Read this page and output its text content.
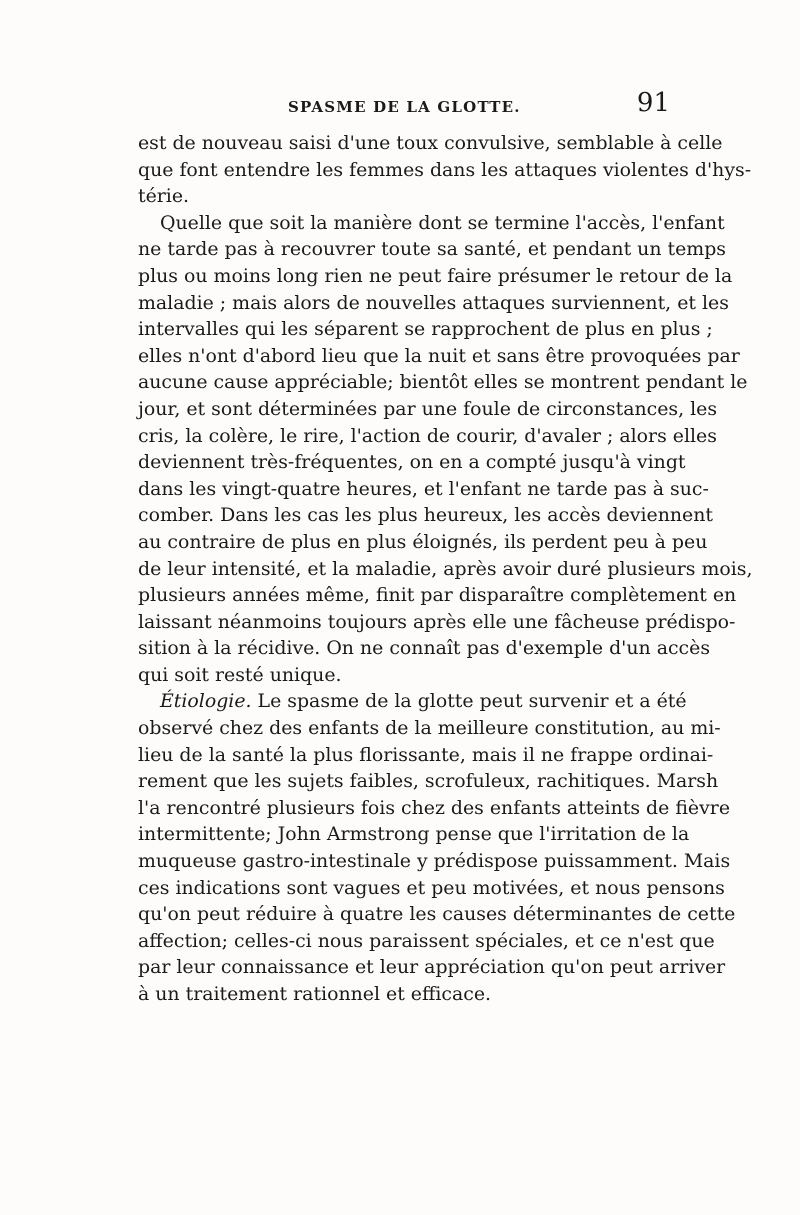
SPASME DE LA GLOTTE.	91

est de nouveau saisi d'une toux convulsive, semblable à celle
que font entendre les femmes dans les attaques violentes d'hys-
térie.

Quelle que soit la manière dont se termine l'accès, l'enfant
ne tarde pas à recouvrer toute sa santé, et pendant un temps
plus ou moins long rien ne peut faire présumer le retour de la
maladie ; mais alors de nouvelles attaques surviennent, et les
intervalles qui les séparent se rapprochent de plus en plus ;
elles n'ont d'abord lieu que la nuit et sans être provoquées par
aucune cause appréciable; bientôt elles se montrent pendant le
jour, et sont déterminées par une foule de circonstances, les
cris, la colère, le rire, l'action de courir, d'avaler ; alors elles
deviennent très-fréquentes, on en a compté jusqu'à vingt
dans les vingt-quatre heures, et l'enfant ne tarde pas à suc-
comber. Dans les cas les plus heureux, les accès deviennent
au contraire de plus en plus éloignés, ils perdent peu à peu
de leur intensité, et la maladie, après avoir duré plusieurs mois,
plusieurs années même, finit par disparaître complètement en
laissant néanmoins toujours après elle une fâcheuse prédispo-
sition à la récidive. On ne connaît pas d'exemple d'un accès
qui soit resté unique.

Étiologie. Le spasme de la glotte peut survenir et a été
observé chez des enfants de la meilleure constitution, au mi-
lieu de la santé la plus florissante, mais il ne frappe ordinai-
rement que les sujets faibles, scrofuleux, rachitiques. Marsh
l'a rencontré plusieurs fois chez des enfants atteints de fièvre
intermittente; John Armstrong pense que l'irritation de la
muqueuse gastro-intestinale y prédispose puissamment. Mais
ces indications sont vagues et peu motivées, et nous pensons
qu'on peut réduire à quatre les causes déterminantes de cette
affection; celles-ci nous paraissent spéciales, et ce n'est que
par leur connaissance et leur appréciation qu'on peut arriver
à un traitement rationnel et efficace.
